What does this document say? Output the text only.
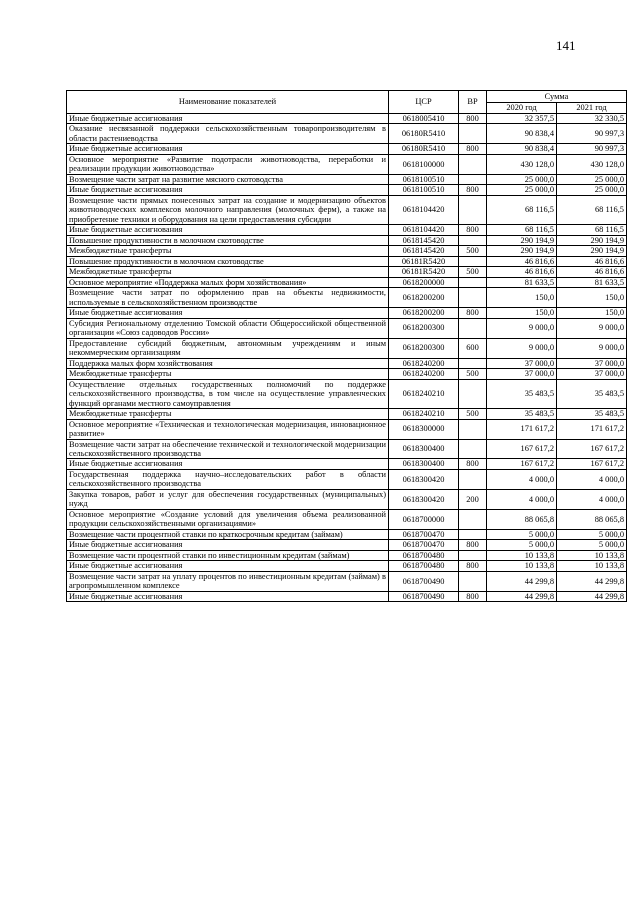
141
Наименование показателей	ЦСР	ВР	Сумма	
			2020 год	2021 год
Иные бюджетные ассигнования	0618005410	800	32 357,5	32 330,5
Оказание несвязанной поддержки сельскохозяйственным товаропроизводителям в области растениеводства	06180R5410		90 838,4	90 997,3
Иные бюджетные ассигнования	06180R5410	800	90 838,4	90 997,3
Основное мероприятие «Развитие подотрасли животноводства, переработки и реализации продукции животноводства»	0618100000		430 128,0	430 128,0
Возмещение части затрат на развитие мясного скотоводства	0618100510		25 000,0	25 000,0
Иные бюджетные ассигнования	0618100510	800	25 000,0	25 000,0
Возмещение части прямых понесенных затрат на создание и модернизацию объектов животноводческих комплексов молочного направления (молочных ферм), а также на приобретение техники и оборудования на цели предоставления субсидии	0618104420		68 116,5	68 116,5
Иные бюджетные ассигнования	0618104420	800	68 116,5	68 116,5
Повышение продуктивности в молочном скотоводстве	0618145420		290 194,9	290 194,9
Межбюджетные трансферты	0618145420	500	290 194,9	290 194,9
Повышение продуктивности в молочном скотоводстве	06181R5420		46 816,6	46 816,6
Межбюджетные трансферты	06181R5420	500	46 816,6	46 816,6
Основное мероприятие «Поддержка малых форм хозяйствования»	0618200000		81 633,5	81 633,5
Возмещение части затрат по оформлению прав на объекты недвижимости, используемые в сельскохозяйственном производстве	0618200200		150,0	150,0
Иные бюджетные ассигнования	0618200200	800	150,0	150,0
Субсидия Региональному отделению Томской области Общероссийской общественной организации «Союз садоводов России»	0618200300		9 000,0	9 000,0
Предоставление субсидий бюджетным, автономным учреждениям и иным некоммерческим организациям	0618200300	600	9 000,0	9 000,0
Поддержка малых форм хозяйствования	0618240200		37 000,0	37 000,0
Межбюджетные трансферты	0618240200	500	37 000,0	37 000,0
Осуществление отдельных государственных полномочий по поддержке сельскохозяйственного производства, в том числе на осуществление управленческих функций органами местного самоуправления	0618240210		35 483,5	35 483,5
Межбюджетные трансферты	0618240210	500	35 483,5	35 483,5
Основное мероприятие «Техническая и технологическая модернизация, инновационное развитие»	0618300000		171 617,2	171 617,2
Возмещение части затрат на обеспечение технической и технологической модернизации сельскохозяйственного производства	0618300400		167 617,2	167 617,2
Иные бюджетные ассигнования	0618300400	800	167 617,2	167 617,2
Государственная поддержка научно–исследовательских работ в области сельскохозяйственного производства	0618300420		4 000,0	4 000,0
Закупка товаров, работ и услуг для обеспечения государственных (муниципальных) нужд	0618300420	200	4 000,0	4 000,0
Основное мероприятие «Создание условий для увеличения объема реализованной продукции сельскохозяйственными организациями»	0618700000		88 065,8	88 065,8
Возмещение части процентной ставки по краткосрочным кредитам (займам)	0618700470		5 000,0	5 000,0
Иные бюджетные ассигнования	0618700470	800	5 000,0	5 000,0
Возмещение части процентной ставки по инвестиционным кредитам (займам)	0618700480		10 133,8	10 133,8
Иные бюджетные ассигнования	0618700480	800	10 133,8	10 133,8
Возмещение части затрат на уплату процентов по инвестиционным кредитам (займам) в агропромышленном комплексе	0618700490		44 299,8	44 299,8
Иные бюджетные ассигнования	0618700490	800	44 299,8	44 299,8
